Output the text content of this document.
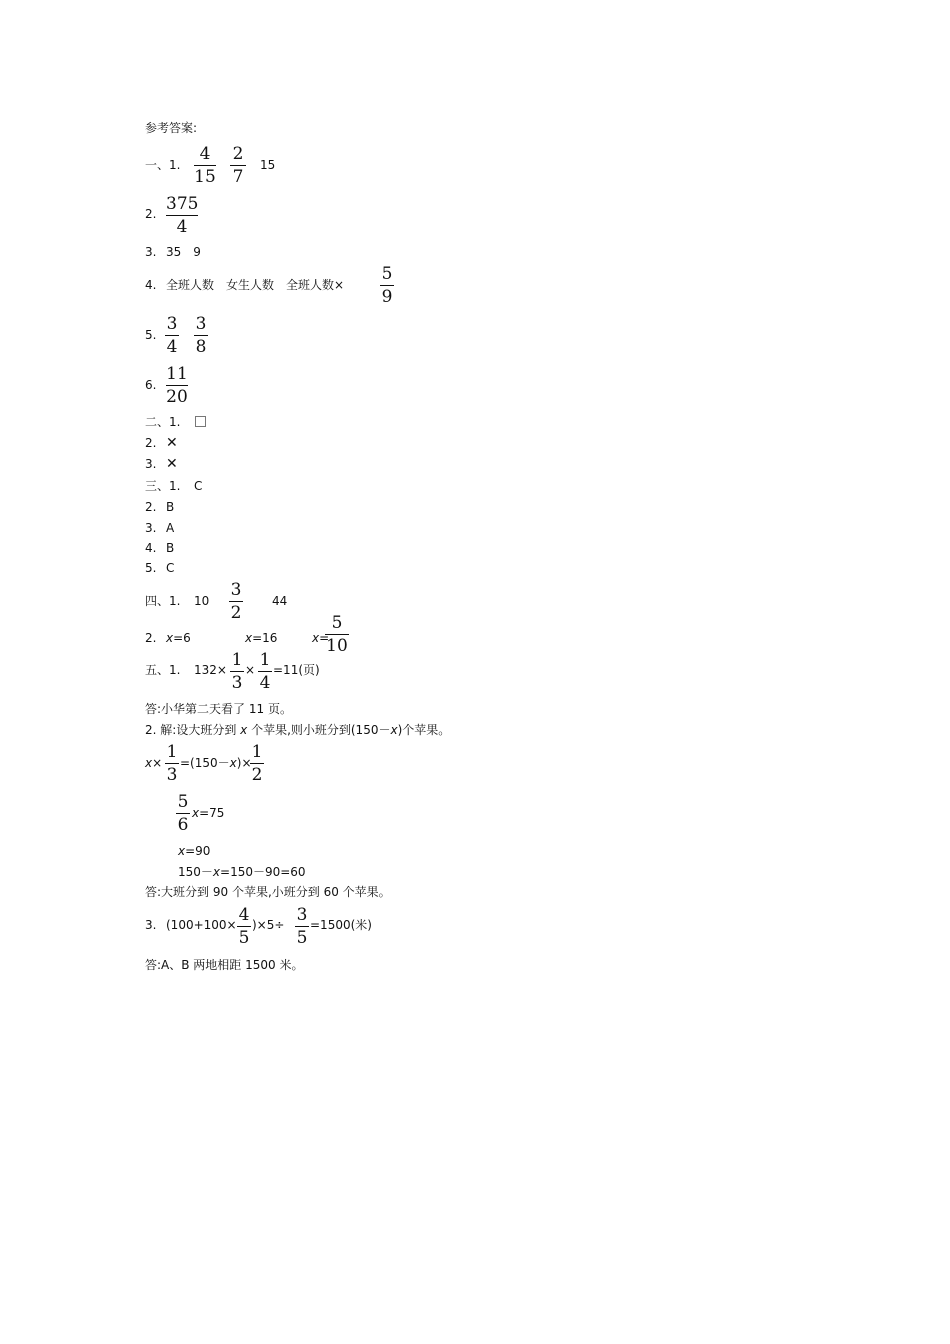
参考答案:
一、1.
4
15
2
7
15
2. 375
4
3. 35　9
4. 全班人数　女生人数　全班人数×
5
9
5.
3
4
3
8
6.
11
20
二、1.
2. ✕
3. ✕
三、1. C
2. B
3. A
4. B
5. C
四、1. 10
3
2
44
2. x=6	x=16	x=
5
10
五、1. 132× 1
3
× 1
4
=11(页)
答:小华第二天看了 11 页。
2. 解:设大班分到 x 个苹果,则小班分到(150－x)个苹果。
x×
1
3
=(150－x)×
1
2
5
6
x=75
x=90
150－x=150－90=60
答:大班分到 90 个苹果,小班分到 60 个苹果。
3. (100+100× 4
5
)×5÷ 3
5
=1500(米)
答:A、B 两地相距 1500 米。
